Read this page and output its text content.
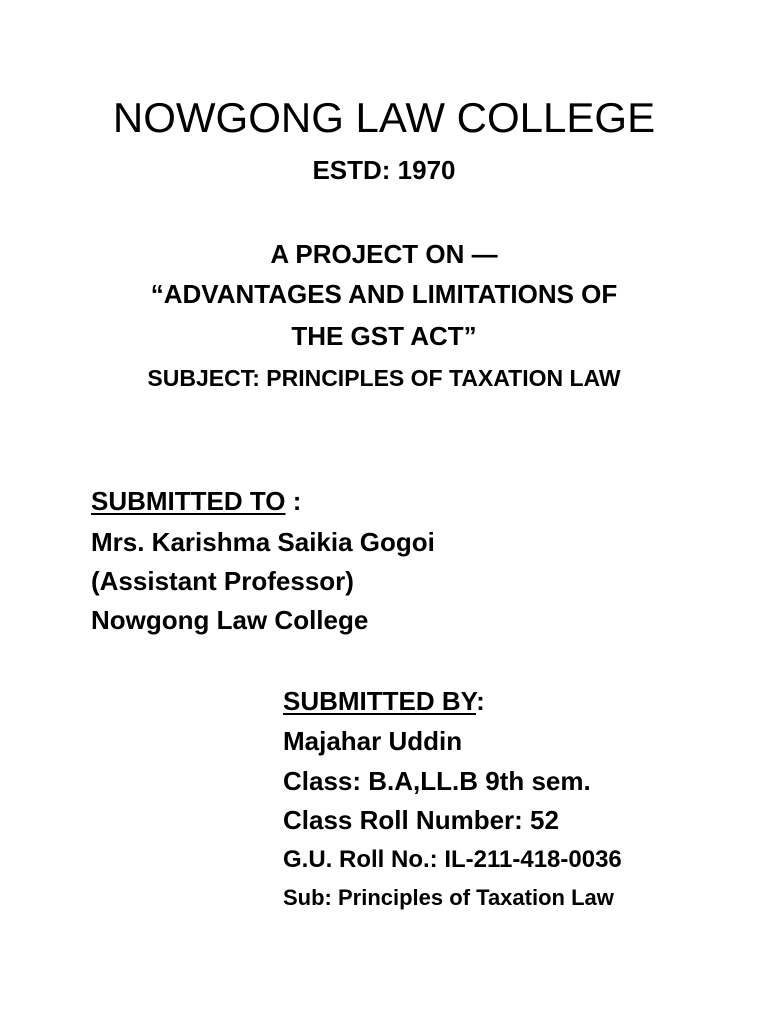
NOWGONG LAW COLLEGE
ESTD: 1970
A PROJECT ON —
“ADVANTAGES AND LIMITATIONS OF
THE GST ACT”
SUBJECT: PRINCIPLES OF TAXATION LAW
SUBMITTED TO :
Mrs. Karishma Saikia Gogoi
(Assistant Professor)
Nowgong Law College
SUBMITTED BY:
Majahar Uddin
Class: B.A,LL.B 9th sem.
Class Roll Number: 52
G.U. Roll No.: IL-211-418-0036
Sub: Principles of Taxation Law
